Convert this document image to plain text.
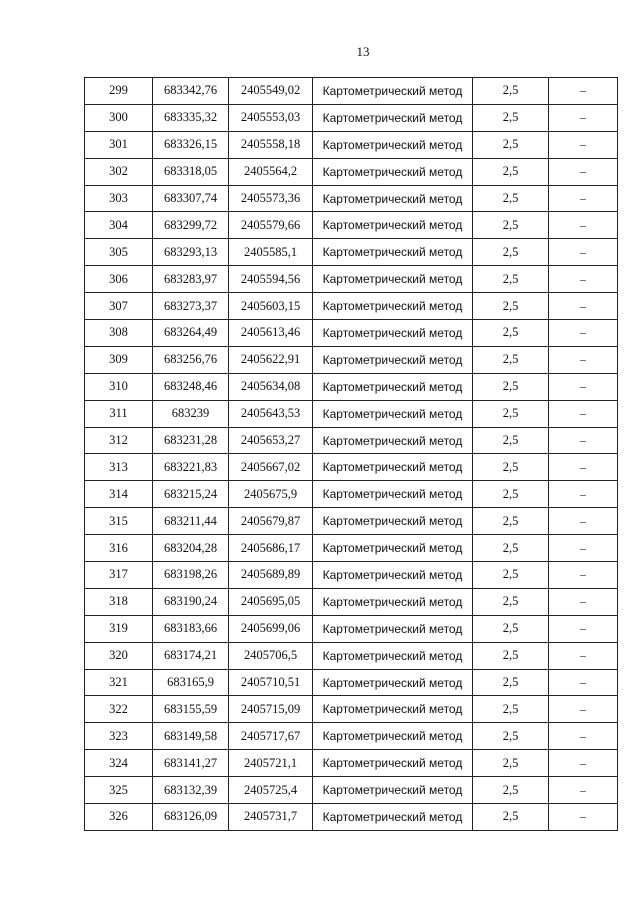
13
299	683342,76	2405549,02	Картометрический метод	2,5	–
300	683335,32	2405553,03	Картометрический метод	2,5	–
301	683326,15	2405558,18	Картометрический метод	2,5	–
302	683318,05	2405564,2	Картометрический метод	2,5	–
303	683307,74	2405573,36	Картометрический метод	2,5	–
304	683299,72	2405579,66	Картометрический метод	2,5	–
305	683293,13	2405585,1	Картометрический метод	2,5	–
306	683283,97	2405594,56	Картометрический метод	2,5	–
307	683273,37	2405603,15	Картометрический метод	2,5	–
308	683264,49	2405613,46	Картометрический метод	2,5	–
309	683256,76	2405622,91	Картометрический метод	2,5	–
310	683248,46	2405634,08	Картометрический метод	2,5	–
311	683239	2405643,53	Картометрический метод	2,5	–
312	683231,28	2405653,27	Картометрический метод	2,5	–
313	683221,83	2405667,02	Картометрический метод	2,5	–
314	683215,24	2405675,9	Картометрический метод	2,5	–
315	683211,44	2405679,87	Картометрический метод	2,5	–
316	683204,28	2405686,17	Картометрический метод	2,5	–
317	683198,26	2405689,89	Картометрический метод	2,5	–
318	683190,24	2405695,05	Картометрический метод	2,5	–
319	683183,66	2405699,06	Картометрический метод	2,5	–
320	683174,21	2405706,5	Картометрический метод	2,5	–
321	683165,9	2405710,51	Картометрический метод	2,5	–
322	683155,59	2405715,09	Картометрический метод	2,5	–
323	683149,58	2405717,67	Картометрический метод	2,5	–
324	683141,27	2405721,1	Картометрический метод	2,5	–
325	683132,39	2405725,4	Картометрический метод	2,5	–
326	683126,09	2405731,7	Картометрический метод	2,5	–
